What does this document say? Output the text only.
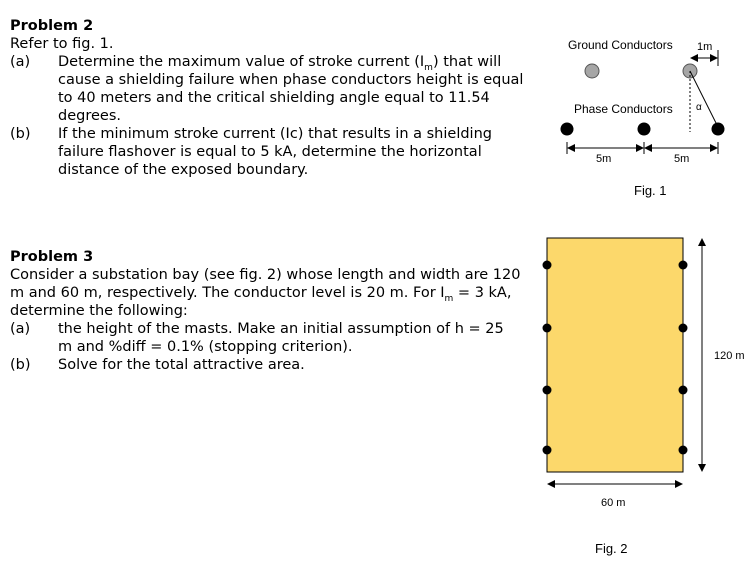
Problem 2
Refer to fig. 1.
(a) Determine the maximum value of stroke current $(I_m)$ that will
cause a shielding failure when phase conductors height is equal
to 40 meters and the critical shielding angle equal to 11.54
degrees.
(b) If the minimum stroke current (Ic) that results in a shielding
failure flashover is equal to 5 kA, determine the horizontal
distance of the exposed boundary.
Problem 3
Consider a substation bay (see fig. 2) whose length and width are 120
m and 60 m, respectively. The conductor level is 20 m. For $I_m = 3$ kA,
determine the following:
(a) the height of the masts. Make an initial assumption of h = 25
m and %diff = 0.1% (stopping criterion).
(b) Solve for the total attractive area.
Ground Conductors 1m
Phase Conductors α
5m	5m
Fig. 1
120 m
60 m
Fig. 2
